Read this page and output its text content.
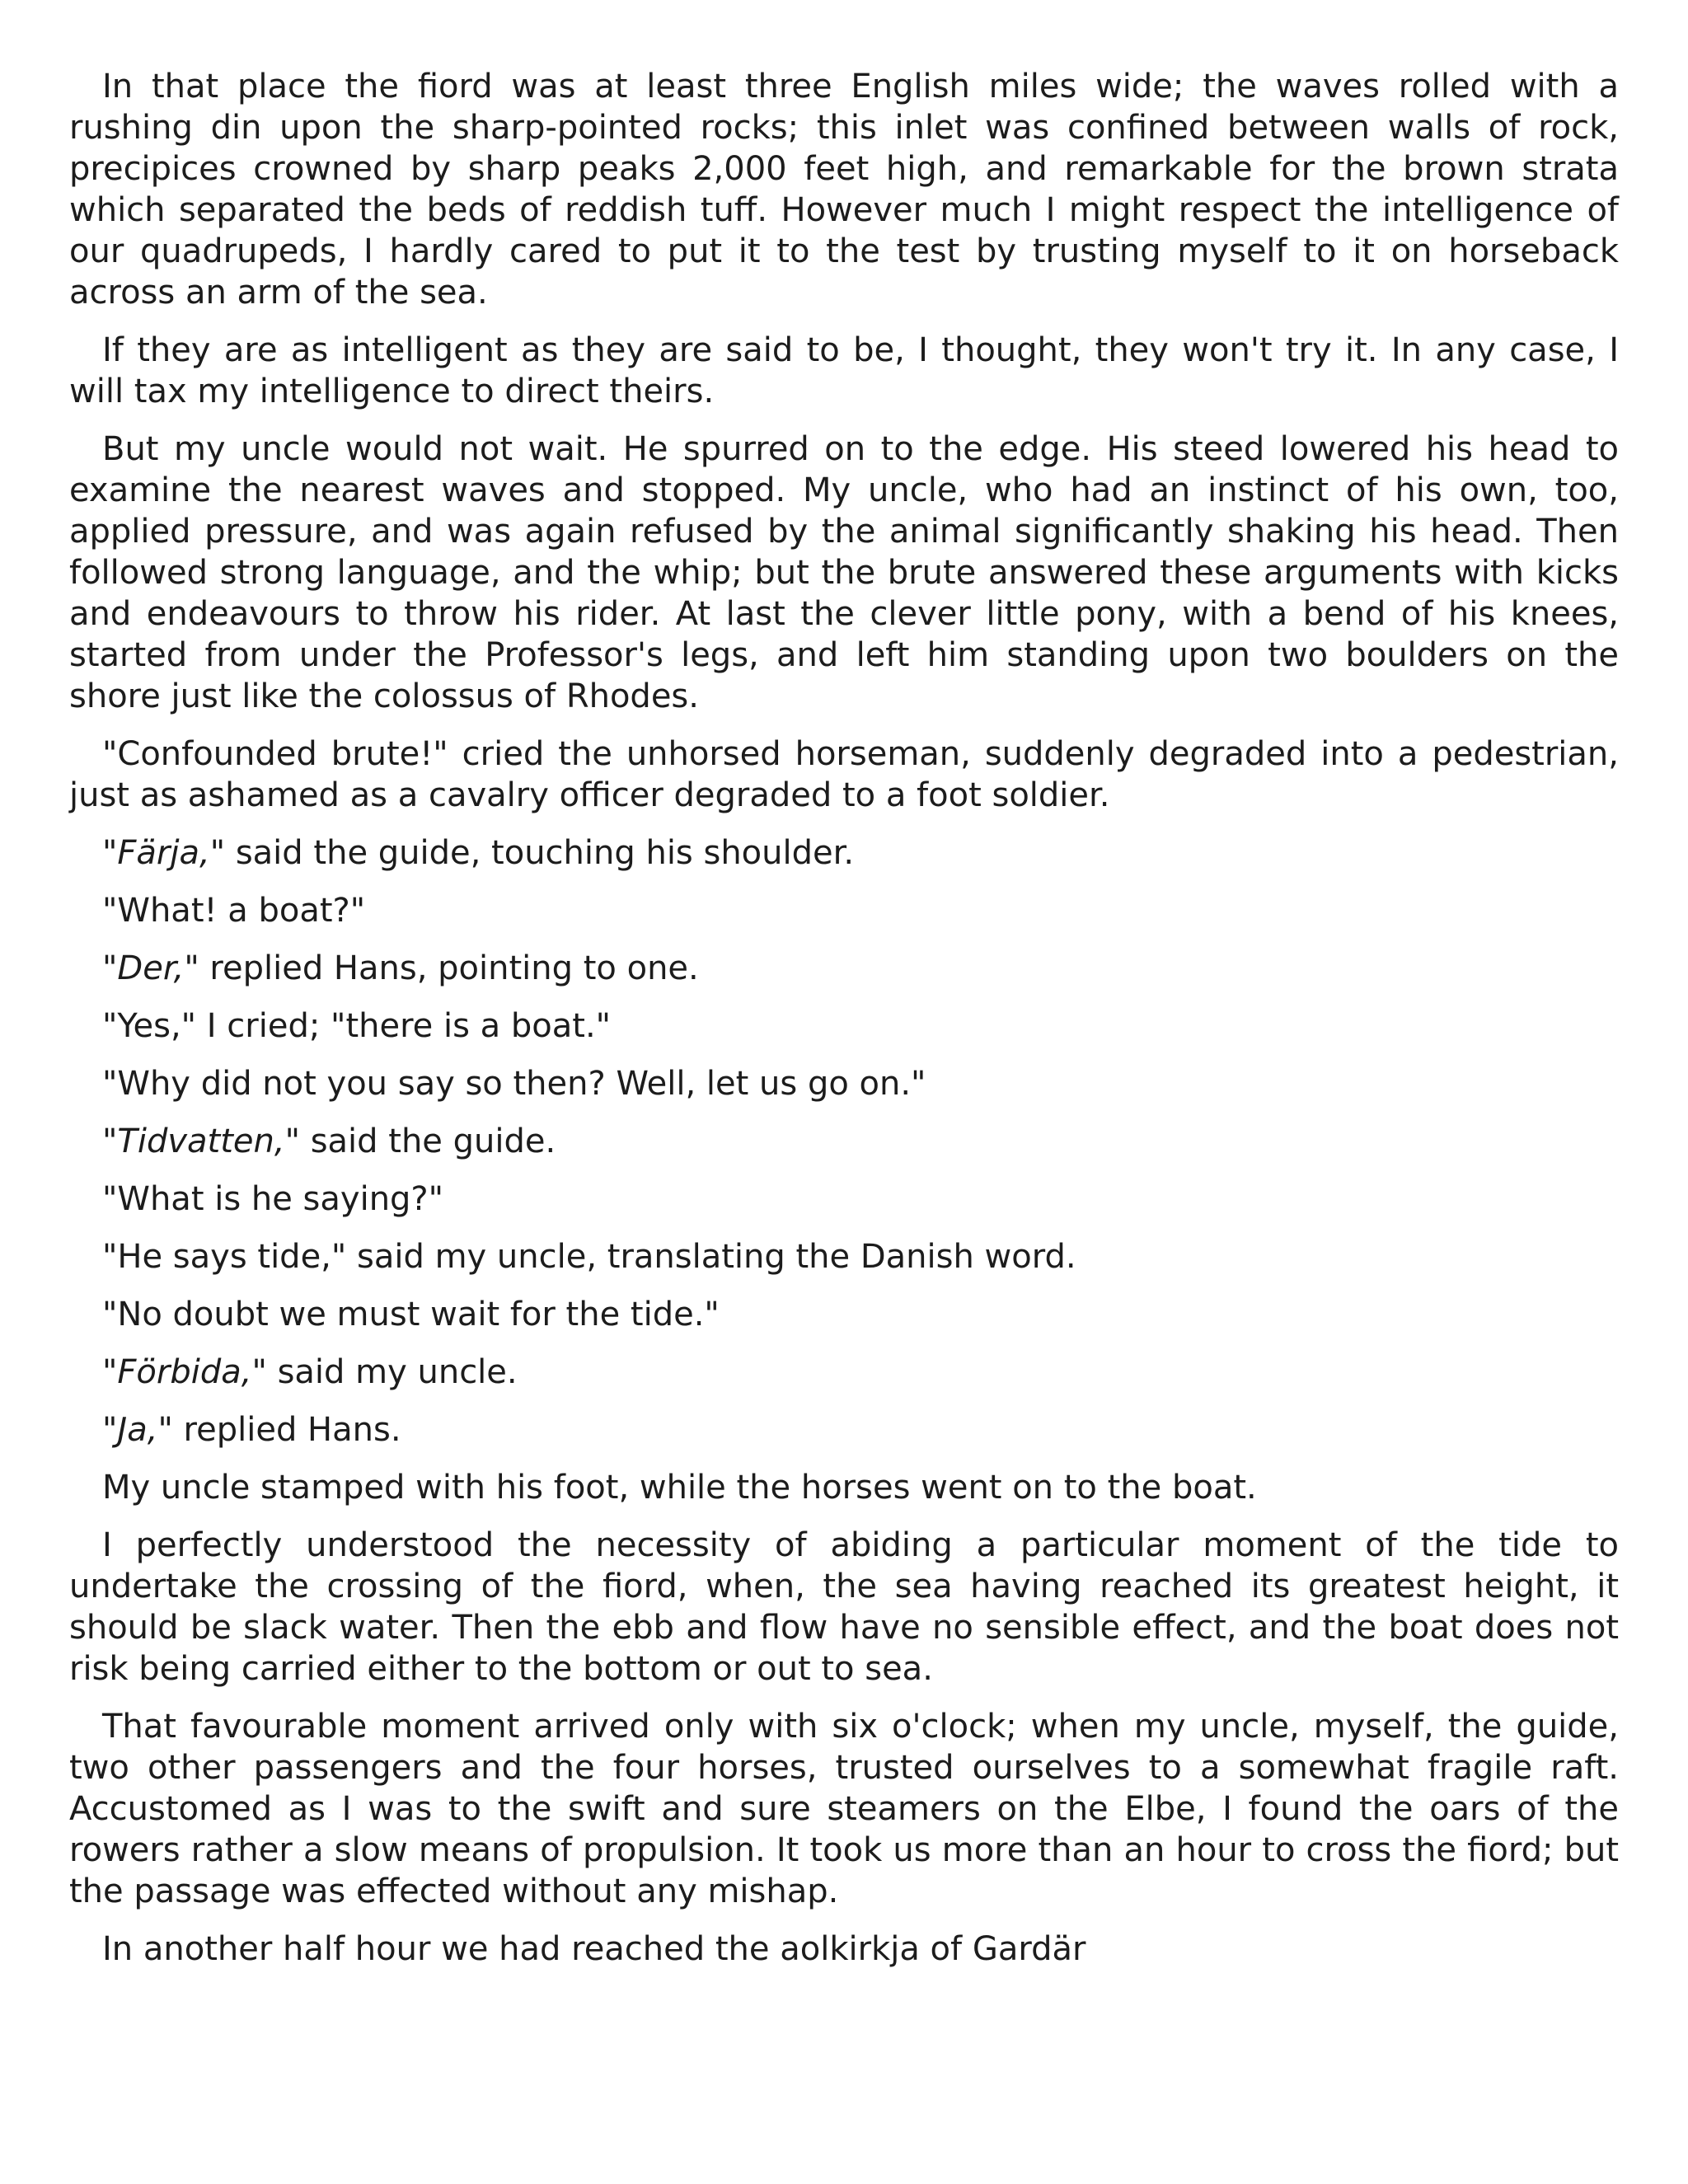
In that place the fiord was at least three English miles wide; the waves rolled with a rushing din upon the sharp-pointed rocks; this inlet was confined between walls of rock, precipices crowned by sharp peaks 2,000 feet high, and remarkable for the brown strata which separated the beds of reddish tuff. However much I might respect the intelligence of our quadrupeds, I hardly cared to put it to the test by trusting myself to it on horseback across an arm of the sea.

If they are as intelligent as they are said to be, I thought, they won't try it. In any case, I will tax my intelligence to direct theirs.

But my uncle would not wait. He spurred on to the edge. His steed lowered his head to examine the nearest waves and stopped. My uncle, who had an instinct of his own, too, applied pressure, and was again refused by the animal significantly shaking his head. Then followed strong language, and the whip; but the brute answered these arguments with kicks and endeavours to throw his rider. At last the clever little pony, with a bend of his knees, started from under the Professor's legs, and left him standing upon two boulders on the shore just like the colossus of Rhodes.

"Confounded brute!" cried the unhorsed horseman, suddenly degraded into a pedestrian, just as ashamed as a cavalry officer degraded to a foot soldier.

"Färja," said the guide, touching his shoulder.

"What! a boat?"

"Der," replied Hans, pointing to one.

"Yes," I cried; "there is a boat."

"Why did not you say so then? Well, let us go on."

"Tidvatten," said the guide.

"What is he saying?"

"He says tide," said my uncle, translating the Danish word.

"No doubt we must wait for the tide."

"Förbida," said my uncle.

"Ja," replied Hans.

My uncle stamped with his foot, while the horses went on to the boat.

I perfectly understood the necessity of abiding a particular moment of the tide to undertake the crossing of the fiord, when, the sea having reached its greatest height, it should be slack water. Then the ebb and flow have no sensible effect, and the boat does not risk being carried either to the bottom or out to sea.

That favourable moment arrived only with six o'clock; when my uncle, myself, the guide, two other passengers and the four horses, trusted ourselves to a somewhat fragile raft. Accustomed as I was to the swift and sure steamers on the Elbe, I found the oars of the rowers rather a slow means of propulsion. It took us more than an hour to cross the fiord; but the passage was effected without any mishap.

In another half hour we had reached the aolkirkja of Gardär
